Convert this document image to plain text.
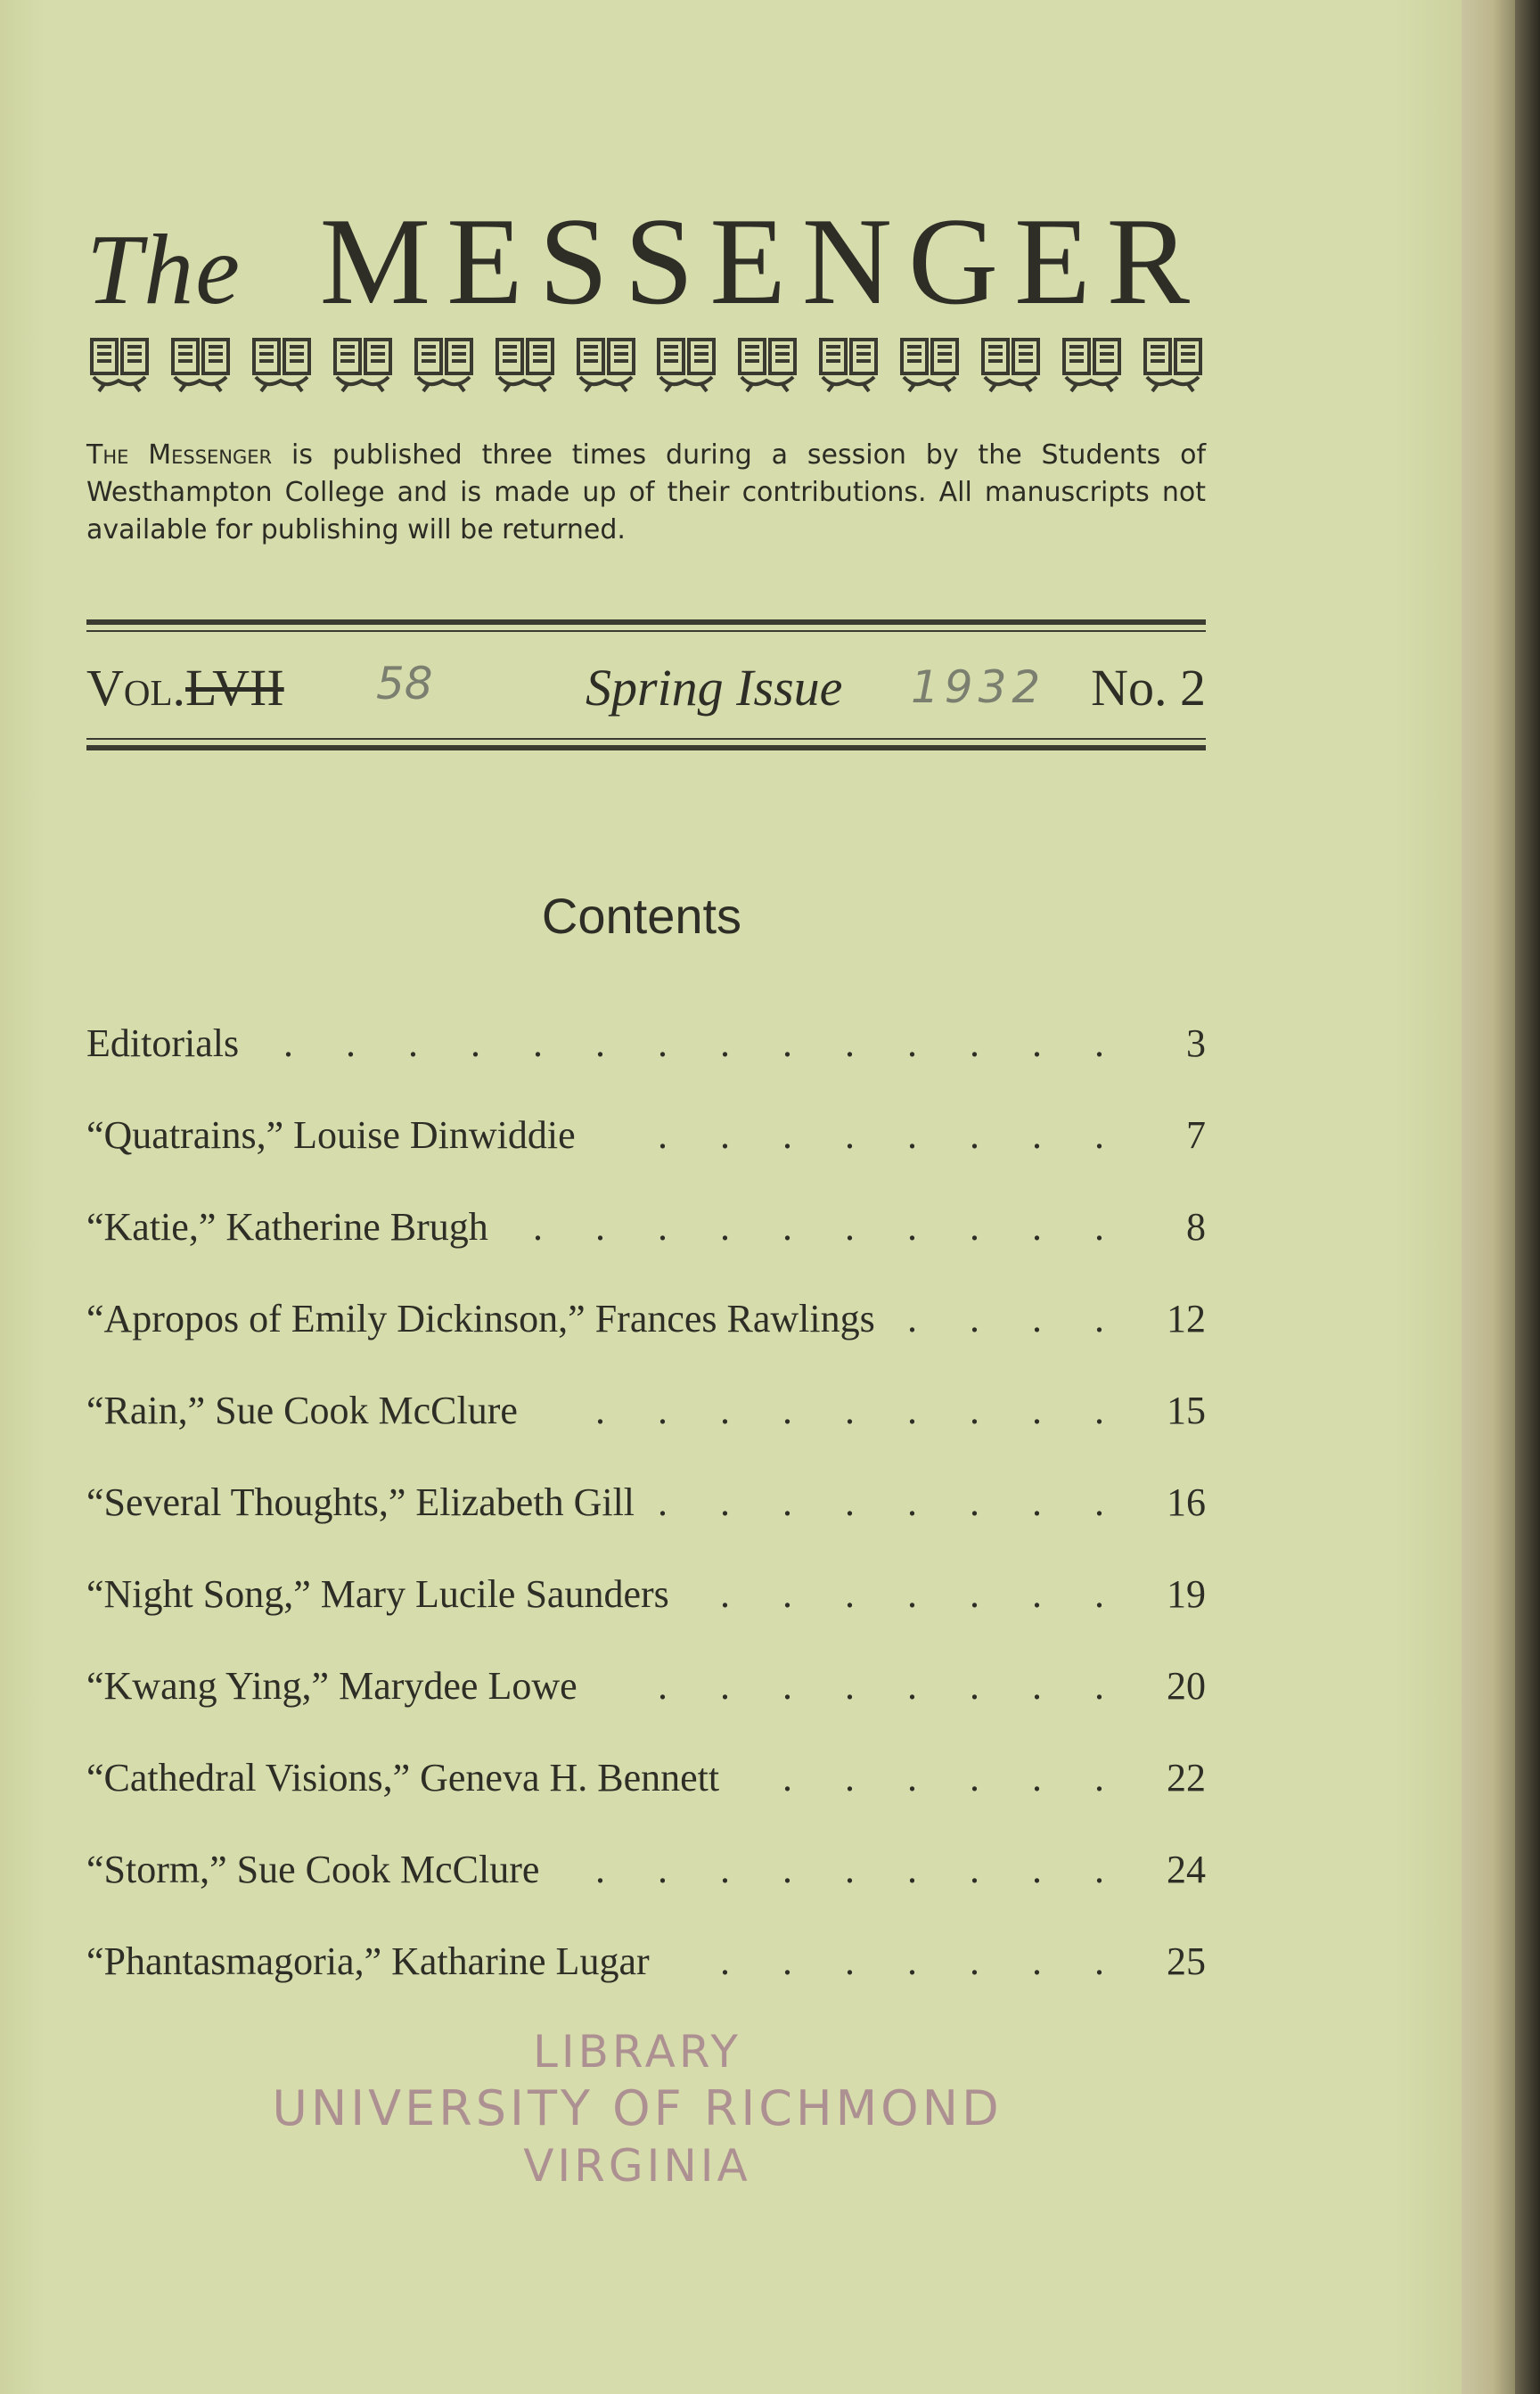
The MESSENGER
The Messenger is published three times during a session by the Students of Westhampton College and is made up of their contributions. All manuscripts not available for publishing will be returned.
Vol.LVII 58	Spring Issue 1932 No. 2
Contents
Editorials . . . . . . . . . . . . . .	3
“Quatrains,” Louise Dinwiddie . . . . . . . .	7
“Katie,” Katherine Brugh . . . . . . . . . .	8
“Apropos of Emily Dickinson,” Frances Rawlings . . . .	12
“Rain,” Sue Cook McClure . . . . . . . . .	15
“Several Thoughts,” Elizabeth Gill . . . . . . . .	16
“Night Song,” Mary Lucile Saunders . . . . . . .	19
“Kwang Ying,” Marydee Lowe . . . . . . . .	20
“Cathedral Visions,” Geneva H. Bennett . . . . . .	22
“Storm,” Sue Cook McClure . . . . . . . . .	24
“Phantasmagoria,” Katharine Lugar . . . . . . .	25
LIBRARY
UNIVERSITY OF RICHMOND
VIRGINIA
